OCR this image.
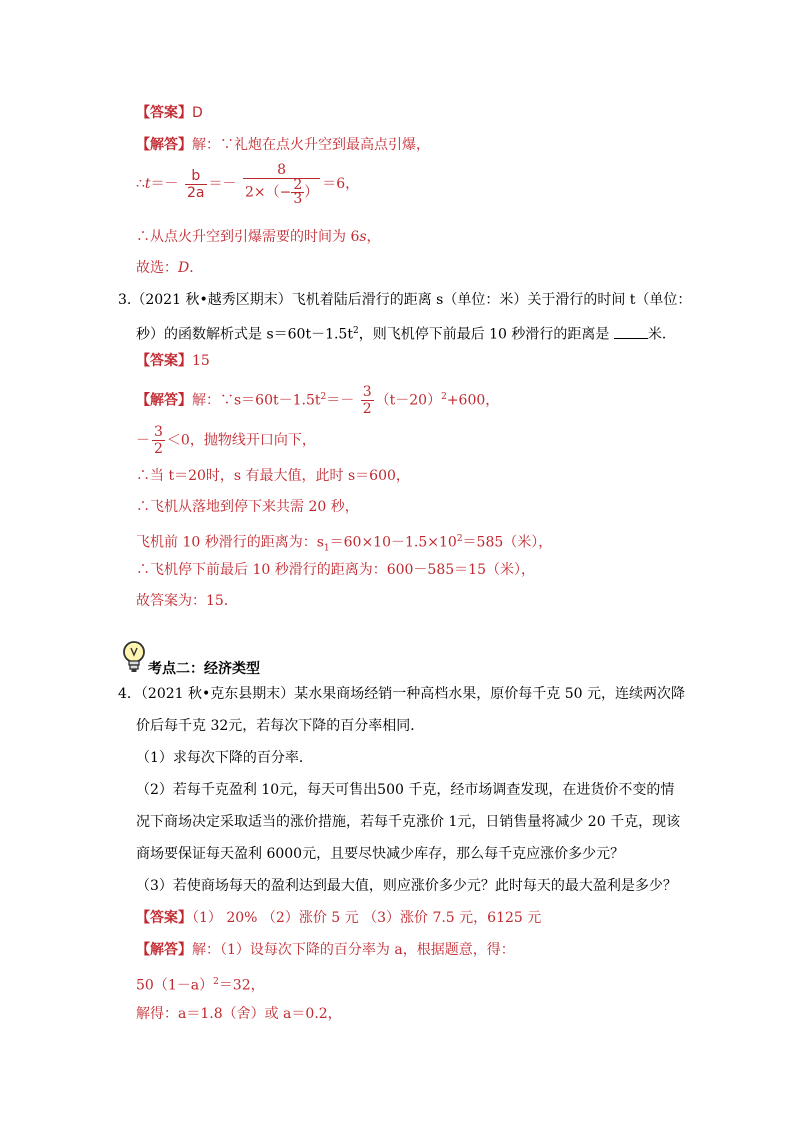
【答案】D
【解答】解：∵礼炮在点火升空到最高点引爆，
∴t＝－ $\frac{b}{2a} =- \frac{8}{2\times(- \frac{2}{3} )} =6$，
∴从点火升空到引爆需要的时间为 6s，
故选：D．
3.（2021 秋•越秀区期末）飞机着陆后滑行的距离 s（单位：米）关于滑行的时间 t（单位：
秒）的函数解析式是 $s=60t-1.5t^2$，则飞机停下前最后 10 秒滑行的距离是	米．
【答案】15
【解答】解：$\because s=60t-1.5t^2=- \frac{3}{2} (t-20)^2+600$，
－ $\frac{3}{2} <0$，抛物线开口向下，
∴当 t＝20时，s 有最大值，此时 s＝600，
∴飞机从落地到停下来共需 20 秒，
飞机前 10 秒滑行的距离为：$s_1=60\times 10-1.5\times 10^2=585$（米），
∴飞机停下前最后 10 秒滑行的距离为：600－585＝15（米），
故答案为：15．
考点二：经济类型
4．（2021 秋•克东县期末）某水果商场经销一种高档水果，原价每千克 50 元，连续两次降
价后每千克 32元，若每次下降的百分率相同．
（1）求每次下降的百分率．
（2）若每千克盈利 10元，每天可售出500 千克，经市场调查发现，在进货价不变的情
况下商场决定采取适当的涨价措施，若每千克涨价 1元，日销售量将减少 20 千克，现该
商场要保证每天盈利 6000元，且要尽快减少库存，那么每千克应涨价多少元？
（3）若使商场每天的盈利达到最大值，则应涨价多少元？此时每天的最大盈利是多少？
【答案】（1） 20% （2）涨价 5 元 （3）涨价 7.5 元，6125 元
【解答】解：（1）设每次下降的百分率为 a，根据题意，得：
$50(1-a)^2=32$，
解得：a＝1.8（舍）或 a＝0.2，
